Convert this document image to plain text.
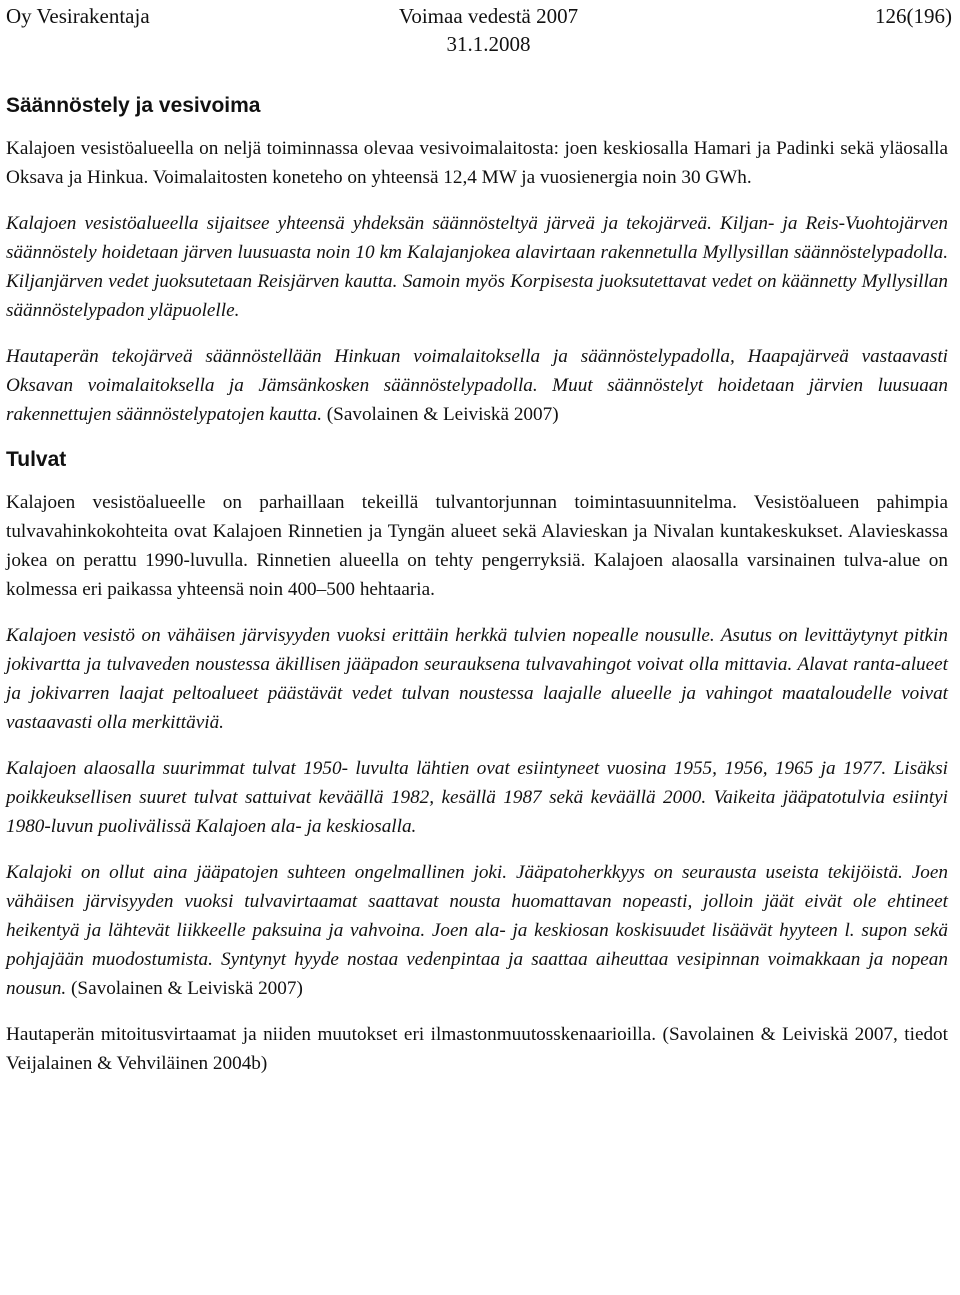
Oy Vesirakentaja	Voimaa vedestä 2007
31.1.2008
126(196)
Säännöstely ja vesivoima

Kalajoen vesistöalueella on neljä toiminnassa olevaa vesivoimalaitosta: joen keskiosalla Hamari ja Padinki sekä yläosalla Oksava ja Hinkua. Voimalaitosten koneteho on yhteensä 12,4 MW ja vuosienergia noin 30 GWh.

Kalajoen vesistöalueella sijaitsee yhteensä yhdeksän säännösteltyä järveä ja tekojärveä. Kiljan- ja Reis-Vuohtojärven säännöstely hoidetaan järven luusuasta noin 10 km Kalajanjokea alavirtaan rakennetulla Myllysillan säännöstelypadolla. Kiljanjärven vedet juoksutetaan Reisjärven kautta. Samoin myös Korpisesta juoksutettavat vedet on käännetty Myllysillan säännöstelypadon yläpuolelle.

Hautaperän tekojärveä säännöstellään Hinkuan voimalaitoksella ja säännöstelypadolla, Haapajärveä vastaavasti Oksavan voimalaitoksella ja Jämsänkosken säännöstelypadolla. Muut säännöstelyt hoidetaan järvien luusuaan rakennettujen säännöstelypatojen kautta. (Savolainen & Leiviskä 2007)

Tulvat

Kalajoen vesistöalueelle on parhaillaan tekeillä tulvantorjunnan toimintasuunnitelma. Vesistöalueen pahimpia tulvavahinkokohteita ovat Kalajoen Rinnetien ja Tyngän alueet sekä Alavieskan ja Nivalan kuntakeskukset. Alavieskassa jokea on perattu 1990-luvulla. Rinnetien alueella on tehty pengerryksiä. Kalajoen alaosalla varsinainen tulva-alue on kolmessa eri paikassa yhteensä noin 400–500 hehtaaria.

Kalajoen vesistö on vähäisen järvisyyden vuoksi erittäin herkkä tulvien nopealle nousulle. Asutus on levittäytynyt pitkin jokivartta ja tulvaveden noustessa äkillisen jääpadon seurauksena tulvavahingot voivat olla mittavia. Alavat ranta-alueet ja jokivarren laajat peltoalueet päästävät vedet tulvan noustessa laajalle alueelle ja vahingot maataloudelle voivat vastaavasti olla merkittäviä.

Kalajoen alaosalla suurimmat tulvat 1950- luvulta lähtien ovat esiintyneet vuosina 1955, 1956, 1965 ja 1977. Lisäksi poikkeuksellisen suuret tulvat sattuivat keväällä 1982, kesällä 1987 sekä keväällä 2000. Vaikeita jääpatotulvia esiintyi 1980-luvun puolivälissä Kalajoen ala- ja keskiosalla.

Kalajoki on ollut aina jääpatojen suhteen ongelmallinen joki. Jääpatoherkkyys on seurausta useista tekijöistä. Joen vähäisen järvisyyden vuoksi tulvavirtaamat saattavat nousta huomattavan nopeasti, jolloin jäät eivät ole ehtineet heikentyä ja lähtevät liikkeelle paksuina ja vahvoina. Joen ala- ja keskiosan koskisuudet lisäävät hyyteen l. supon sekä pohjajään muodostumista. Syntynyt hyyde nostaa vedenpintaa ja saattaa aiheuttaa vesipinnan voimakkaan ja nopean nousun. (Savolainen & Leiviskä 2007)

Hautaperän mitoitusvirtaamat ja niiden muutokset eri ilmastonmuutosskenaarioilla. (Savolainen & Leiviskä 2007, tiedot Veijalainen & Vehviläinen 2004b)
